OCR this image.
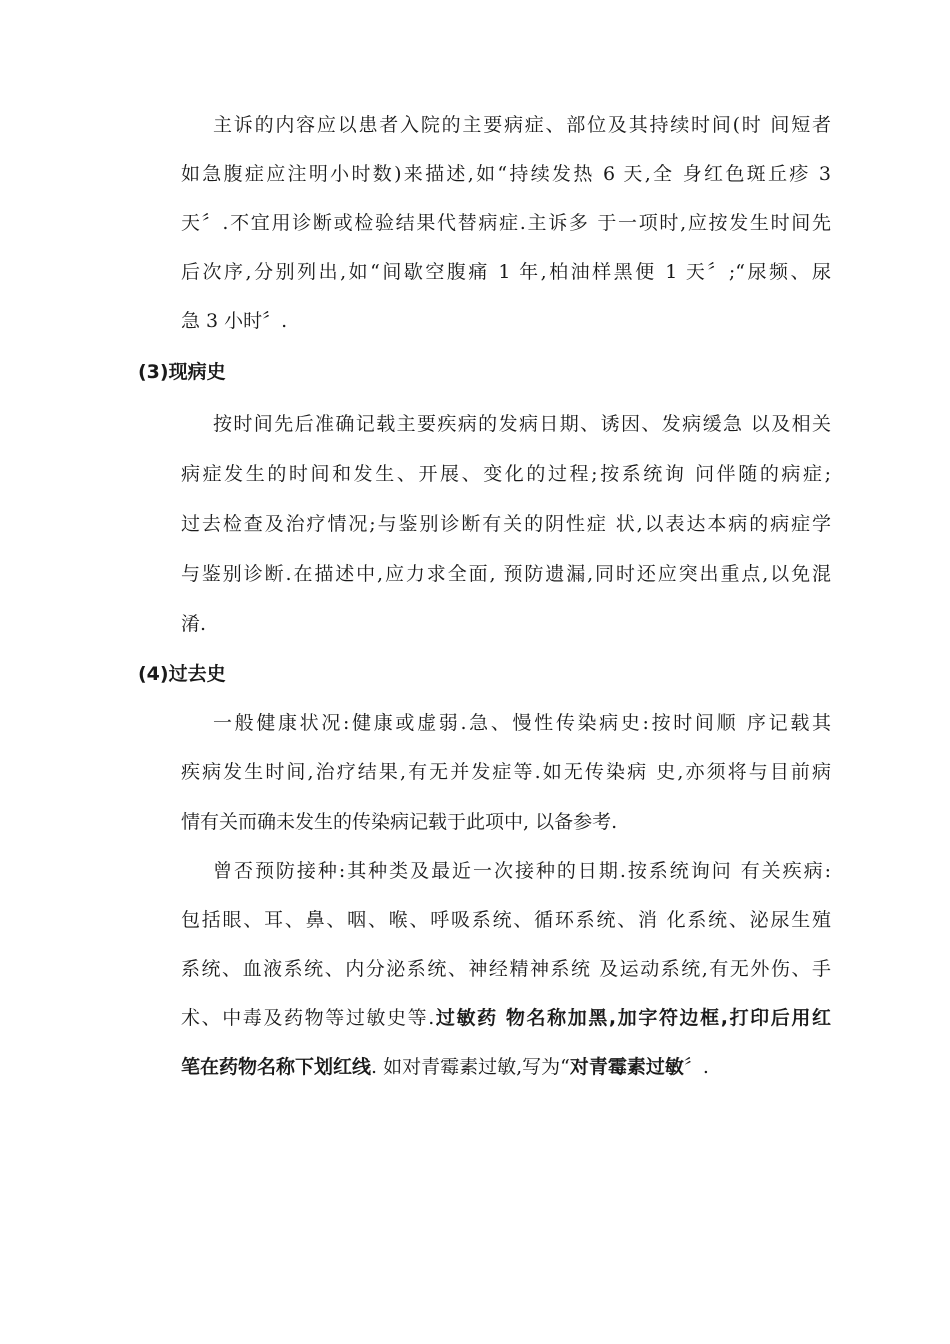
主诉的内容应以患者入院的主要病症、部位及其持续时间(时 间短者
如急腹症应注明小时数)来描述,如“持续发热 6 天,全 身红色斑丘疹 3
天〞.不宜用诊断或检验结果代替病症.主诉多 于一项时,应按发生时间先
后次序,分别列出,如“间歇空腹痛 1 年,柏油样黑便 1 天〞;“尿频、尿
急 3 小时〞.
(3)现病史
按时间先后准确记载主要疾病的发病日期、诱因、发病缓急 以及相关
病症发生的时间和发生、开展、变化的过程;按系统询 问伴随的病症;
过去检查及治疗情况;与鉴别诊断有关的阴性症 状,以表达本病的病症学
与鉴别诊断.在描述中,应力求全面, 预防遗漏,同时还应突出重点,以免混
淆.
(4)过去史
一般健康状况:健康或虚弱.急、慢性传染病史:按时间顺 序记载其
疾病发生时间,治疗结果,有无并发症等.如无传染病 史,亦须将与目前病
情有关而确未发生的传染病记载于此项中, 以备参考.
曾否预防接种:其种类及最近一次接种的日期.按系统询问 有关疾病:
包括眼、耳、鼻、咽、喉、呼吸系统、循环系统、消 化系统、泌尿生殖
系统、血液系统、内分泌系统、神经精神系统 及运动系统,有无外伤、手
术、中毒及药物等过敏史等.过敏药 物名称加黑,加字符边框,打印后用红
笔在药物名称下划红线. 如对青霉素过敏,写为“对青霉素过敏〞.
